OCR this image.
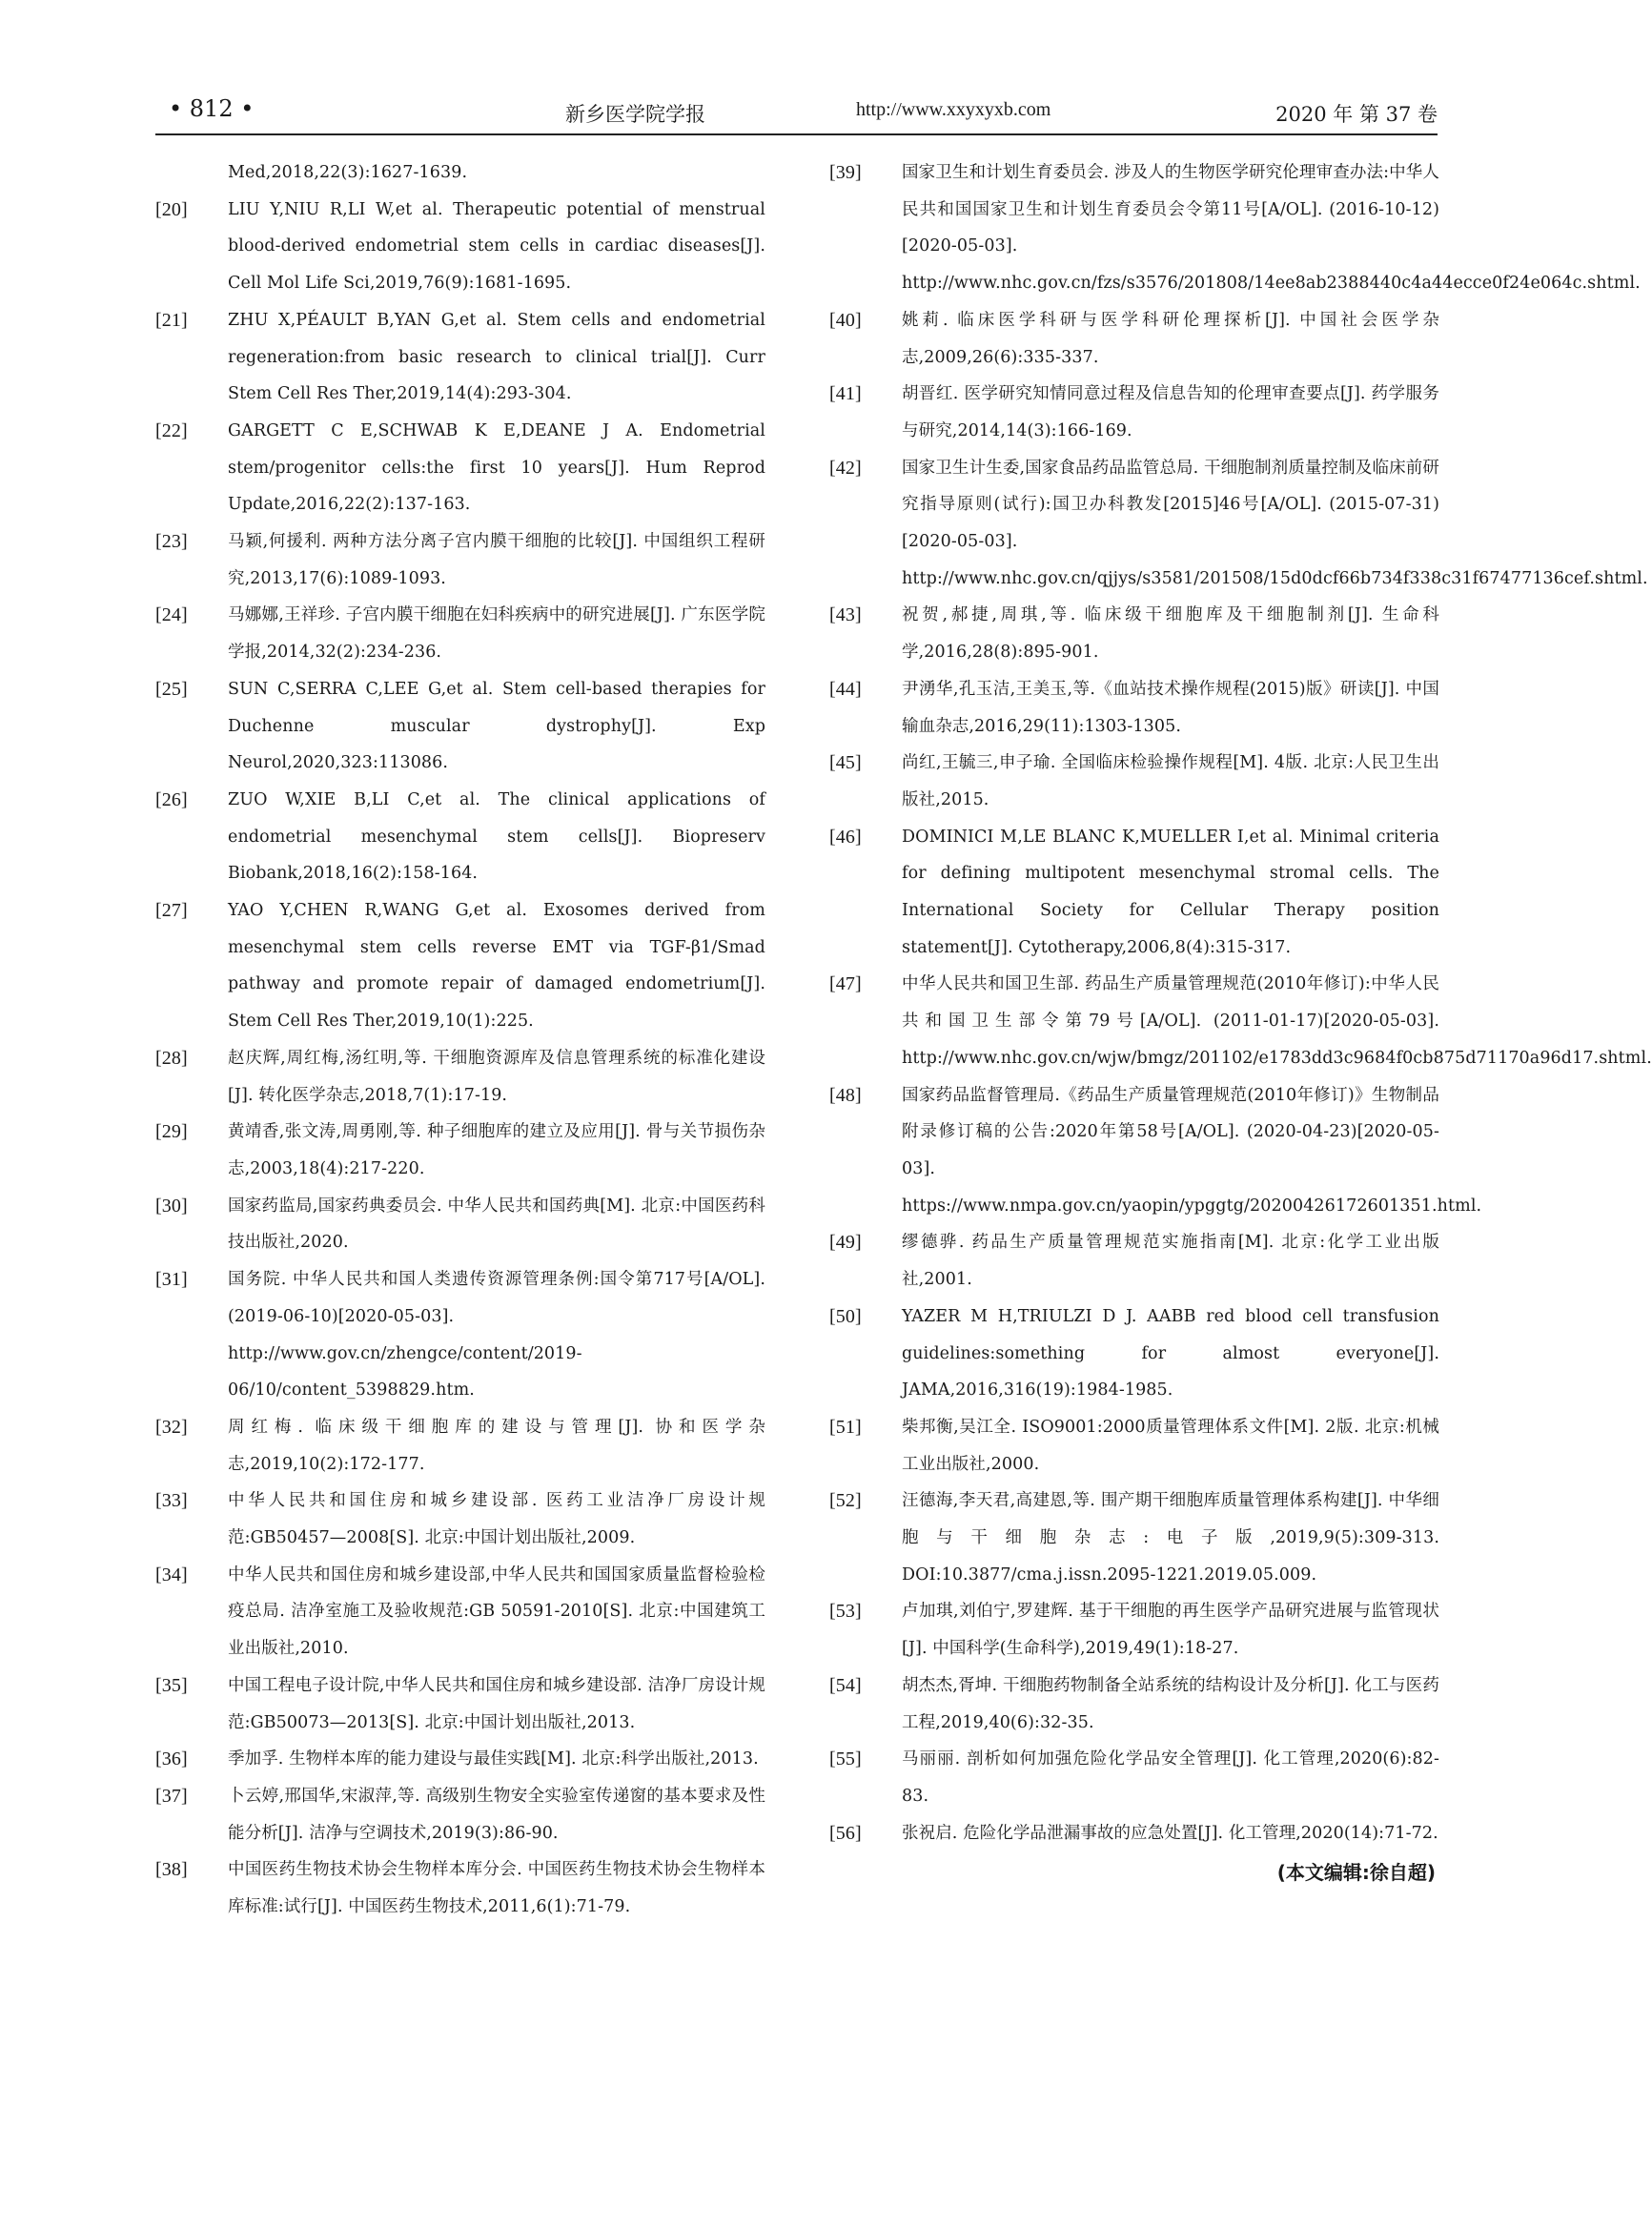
• 812 •	新乡医学院学报	http://www.xxyxyxb.com	2020 年 第 37 卷
Med,2018,22(3):1627-1639.
[20] LIU Y,NIU R,LI W,et al. Therapeutic potential of menstrual blood-derived endometrial stem cells in cardiac diseases[J]. Cell Mol Life Sci,2019,76(9):1681-1695.
[21] ZHU X,PÉAULT B,YAN G,et al. Stem cells and endometrial regeneration:from basic research to clinical trial[J]. Curr Stem Cell Res Ther,2019,14(4):293-304.
[22] GARGETT C E,SCHWAB K E,DEANE J A. Endometrial stem/progenitor cells:the first 10 years[J]. Hum Reprod Update,2016,22(2):137-163.
[23] 马颖,何援利. 两种方法分离子宫内膜干细胞的比较[J]. 中国组织工程研究,2013,17(6):1089-1093.
[24] 马娜娜,王祥珍. 子宫内膜干细胞在妇科疾病中的研究进展[J]. 广东医学院学报,2014,32(2):234-236.
[25] SUN C,SERRA C,LEE G,et al. Stem cell-based therapies for Duchenne muscular dystrophy[J]. Exp Neurol,2020,323:113086.
[26] ZUO W,XIE B,LI C,et al. The clinical applications of endometrial mesenchymal stem cells[J]. Biopreserv Biobank,2018,16(2):158-164.
[27] YAO Y,CHEN R,WANG G,et al. Exosomes derived from mesenchymal stem cells reverse EMT via TGF-β1/Smad pathway and promote repair of damaged endometrium[J]. Stem Cell Res Ther,2019,10(1):225.
[28] 赵庆辉,周红梅,汤红明,等. 干细胞资源库及信息管理系统的标准化建设[J]. 转化医学杂志,2018,7(1):17-19.
[29] 黄靖香,张文涛,周勇刚,等. 种子细胞库的建立及应用[J]. 骨与关节损伤杂志,2003,18(4):217-220.
[30] 国家药监局,国家药典委员会. 中华人民共和国药典[M]. 北京:中国医药科技出版社,2020.
[31] 国务院. 中华人民共和国人类遗传资源管理条例:国令第717号[A/OL]. (2019-06-10)[2020-05-03]. http://www.gov.cn/zhengce/content/2019-06/10/content_5398829.htm.
[32] 周红梅. 临床级干细胞库的建设与管理[J]. 协和医学杂志,2019,10(2):172-177.
[33] 中华人民共和国住房和城乡建设部. 医药工业洁净厂房设计规范:GB50457—2008[S]. 北京:中国计划出版社,2009.
[34] 中华人民共和国住房和城乡建设部,中华人民共和国国家质量监督检验检疫总局. 洁净室施工及验收规范:GB 50591-2010[S]. 北京:中国建筑工业出版社,2010.
[35] 中国工程电子设计院,中华人民共和国住房和城乡建设部. 洁净厂房设计规范:GB50073—2013[S]. 北京:中国计划出版社,2013.
[36] 季加孚. 生物样本库的能力建设与最佳实践[M]. 北京:科学出版社,2013.
[37] 卜云婷,邢国华,宋淑萍,等. 高级别生物安全实验室传递窗的基本要求及性能分析[J]. 洁净与空调技术,2019(3):86-90.
[38] 中国医药生物技术协会生物样本库分会. 中国医药生物技术协会生物样本库标准:试行[J]. 中国医药生物技术,2011,6(1):71-79.
[39] 国家卫生和计划生育委员会. 涉及人的生物医学研究伦理审查办法:中华人民共和国国家卫生和计划生育委员会令第11号[A/OL]. (2016-10-12)[2020-05-03]. http://www.nhc.gov.cn/fzs/s3576/201808/14ee8ab2388440c4a44ecce0f24e064c.shtml.
[40] 姚莉. 临床医学科研与医学科研伦理探析[J]. 中国社会医学杂志,2009,26(6):335-337.
[41] 胡晋红. 医学研究知情同意过程及信息告知的伦理审查要点[J]. 药学服务与研究,2014,14(3):166-169.
[42] 国家卫生计生委,国家食品药品监管总局. 干细胞制剂质量控制及临床前研究指导原则(试行):国卫办科教发[2015]46号[A/OL]. (2015-07-31)[2020-05-03]. http://www.nhc.gov.cn/qjjys/s3581/201508/15d0dcf66b734f338c31f67477136cef.shtml.
[43] 祝贺,郝捷,周琪,等. 临床级干细胞库及干细胞制剂[J]. 生命科学,2016,28(8):895-901.
[44] 尹湧华,孔玉洁,王美玉,等.《血站技术操作规程(2015)版》研读[J]. 中国输血杂志,2016,29(11):1303-1305.
[45] 尚红,王毓三,申子瑜. 全国临床检验操作规程[M]. 4版. 北京:人民卫生出版社,2015.
[46] DOMINICI M,LE BLANC K,MUELLER I,et al. Minimal criteria for defining multipotent mesenchymal stromal cells. The International Society for Cellular Therapy position statement[J]. Cytotherapy,2006,8(4):315-317.
[47] 中华人民共和国卫生部. 药品生产质量管理规范(2010年修订):中华人民共和国卫生部令第79号[A/OL]. (2011-01-17)[2020-05-03]. http://www.nhc.gov.cn/wjw/bmgz/201102/e1783dd3c9684f0cb875d71170a96d17.shtml.
[48] 国家药品监督管理局.《药品生产质量管理规范(2010年修订)》生物制品附录修订稿的公告:2020年第58号[A/OL]. (2020-04-23)[2020-05-03]. https://www.nmpa.gov.cn/yaopin/ypggtg/20200426172601351.html.
[49] 缪德骅. 药品生产质量管理规范实施指南[M]. 北京:化学工业出版社,2001.
[50] YAZER M H,TRIULZI D J. AABB red blood cell transfusion guidelines:something for almost everyone[J]. JAMA,2016,316(19):1984-1985.
[51] 柴邦衡,吴江全. ISO9001:2000质量管理体系文件[M]. 2版. 北京:机械工业出版社,2000.
[52] 汪德海,李天君,高建恩,等. 围产期干细胞库质量管理体系构建[J]. 中华细胞与干细胞杂志:电子版,2019,9(5):309-313. DOI:10.3877/cma.j.issn.2095-1221.2019.05.009.
[53] 卢加琪,刘伯宁,罗建辉. 基于干细胞的再生医学产品研究进展与监管现状[J]. 中国科学(生命科学),2019,49(1):18-27.
[54] 胡杰杰,胥坤. 干细胞药物制备全站系统的结构设计及分析[J]. 化工与医药工程,2019,40(6):32-35.
[55] 马丽丽. 剖析如何加强危险化学品安全管理[J]. 化工管理,2020(6):82-83.
[56] 张祝启. 危险化学品泄漏事故的应急处置[J]. 化工管理,2020(14):71-72.
(本文编辑:徐自超)
